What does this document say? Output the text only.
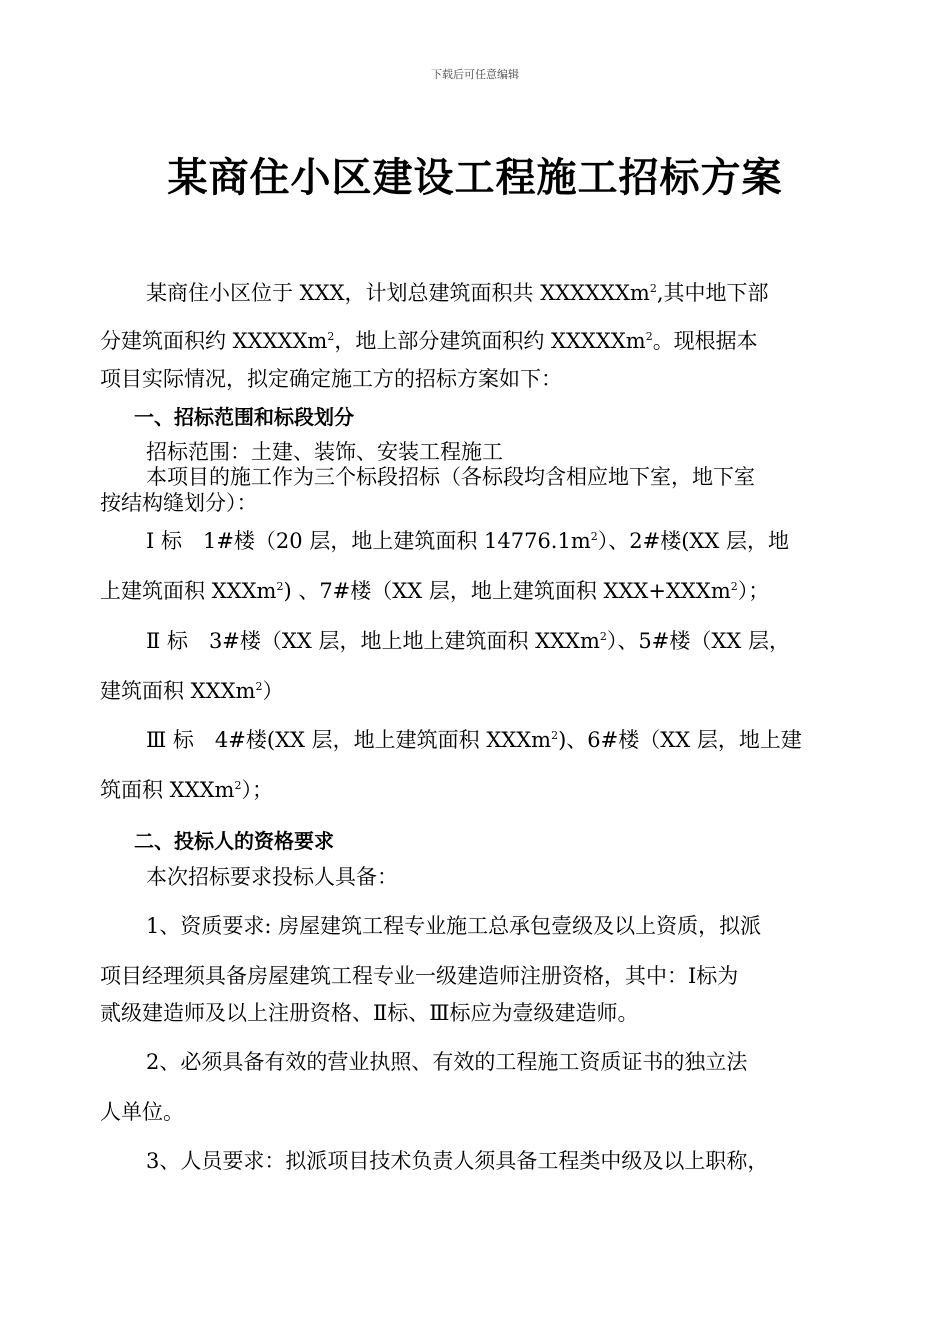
下载后可任意编辑
某商住小区建设工程施工招标方案
某商住小区位于 XXX，计划总建筑面积共 XXXXXXm$^2$,其中地下部
分建筑面积约 XXXXXm$^2$，地上部分建筑面积约 XXXXXm$^2$。现根据本
项目实际情况，拟定确定施工方的招标方案如下：
一、招标范围和标段划分
招标范围：土建、装饰、安装工程施工
本项目的施工作为三个标段招标（各标段均含相应地下室，地下室
按结构缝划分）：
Ⅰ 标　1#楼（20 层，地上建筑面积 $14776.1m^2$）、2#楼(XX 层，地
上建筑面积 XXXm$^2$) 、7#楼（XX 层，地上建筑面积 XXX+XXXm$^2$）；
Ⅱ 标　3#楼（XX 层，地上地上建筑面积 XXXm$^2$）、5#楼（XX 层，
建筑面积 XXXm$^2$）
Ⅲ 标　4#楼(XX 层，地上建筑面积 XXXm$^2$)、6#楼（XX 层，地上建
筑面积 XXXm$^2$）；
二、投标人的资格要求
本次招标要求投标人具备：
1、资质要求: 房屋建筑工程专业施工总承包壹级及以上资质，拟派
项目经理须具备房屋建筑工程专业一级建造师注册资格，其中：Ⅰ标为
贰级建造师及以上注册资格、Ⅱ标、Ⅲ标应为壹级建造师。
2、必须具备有效的营业执照、有效的工程施工资质证书的独立法
人单位。
3、人员要求：拟派项目技术负责人须具备工程类中级及以上职称，
